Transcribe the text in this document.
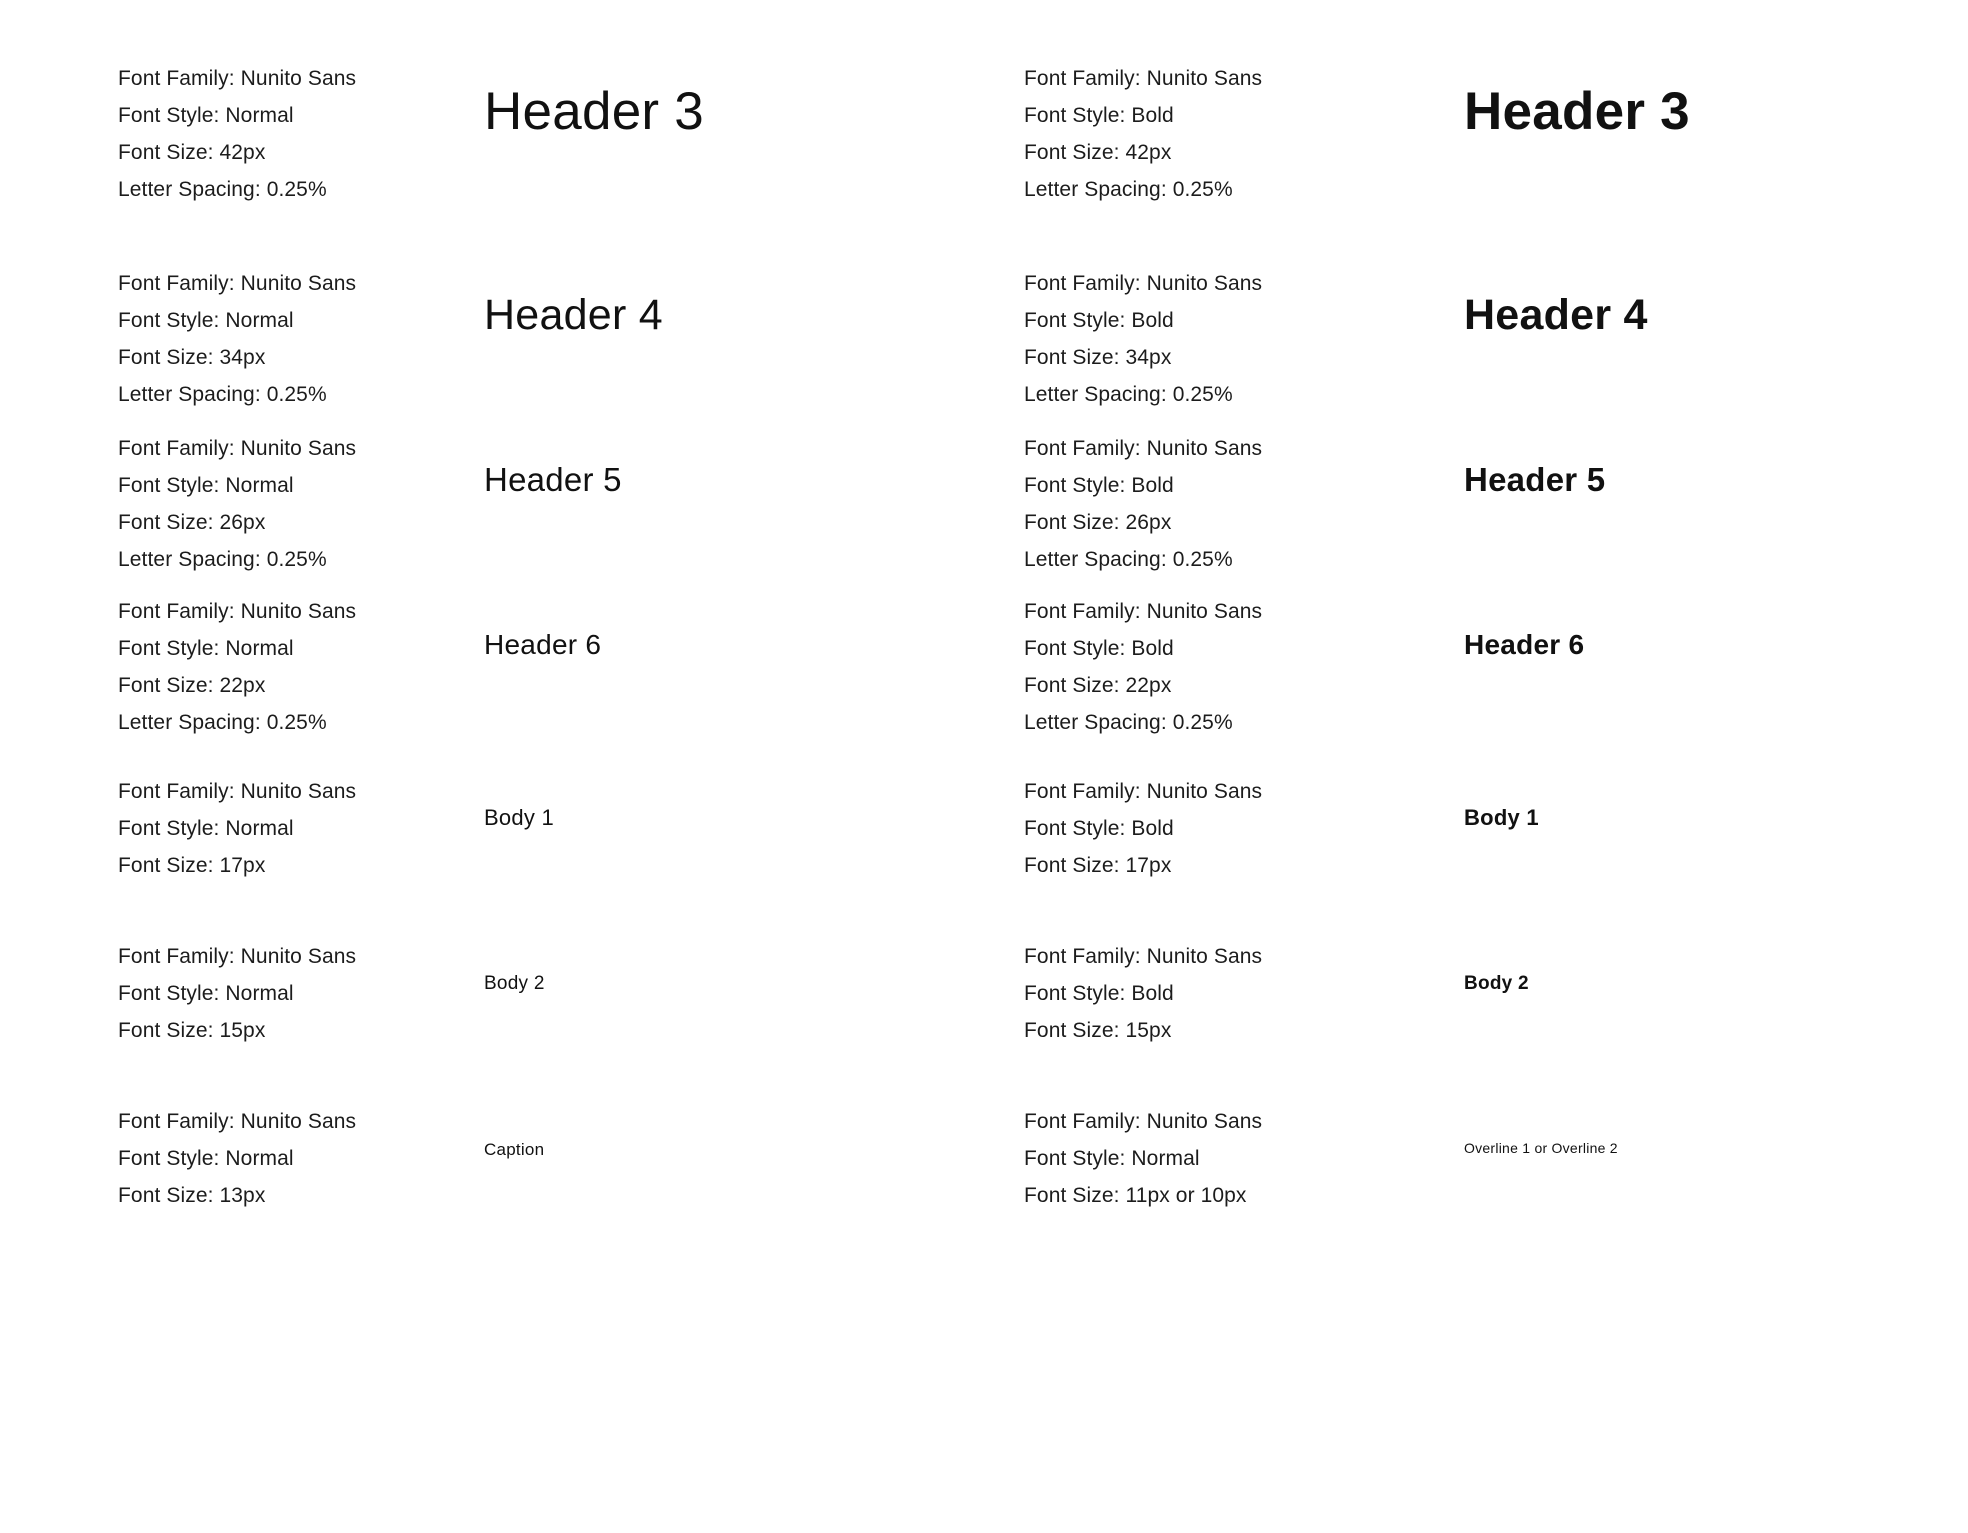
Font Family: Nunito Sans
Font Style: Normal
Font Size: 42px
Letter Spacing: 0.25%
Header 3
Font Family: Nunito Sans
Font Style: Bold
Font Size: 42px
Letter Spacing: 0.25%
Header 3
Font Family: Nunito Sans
Font Style: Normal
Font Size: 34px
Letter Spacing: 0.25%
Header 4
Font Family: Nunito Sans
Font Style: Bold
Font Size: 34px
Letter Spacing: 0.25%
Header 4
Font Family: Nunito Sans
Font Style: Normal
Font Size: 26px
Letter Spacing: 0.25%
Header 5
Font Family: Nunito Sans
Font Style: Bold
Font Size: 26px
Letter Spacing: 0.25%
Header 5
Font Family: Nunito Sans
Font Style: Normal
Font Size: 22px
Letter Spacing: 0.25%
Header 6
Font Family: Nunito Sans
Font Style: Bold
Font Size: 22px
Letter Spacing: 0.25%
Header 6
Font Family: Nunito Sans
Font Style: Normal
Font Size: 17px
Body 1
Font Family: Nunito Sans
Font Style: Bold
Font Size: 17px
Body 1
Font Family: Nunito Sans
Font Style: Normal
Font Size: 15px
Body 2
Font Family: Nunito Sans
Font Style: Bold
Font Size: 15px
Body 2
Font Family: Nunito Sans
Font Style: Normal
Font Size: 13px
Caption
Font Family: Nunito Sans
Font Style: Normal
Font Size: 11px or 10px
Overline 1 or Overline 2
